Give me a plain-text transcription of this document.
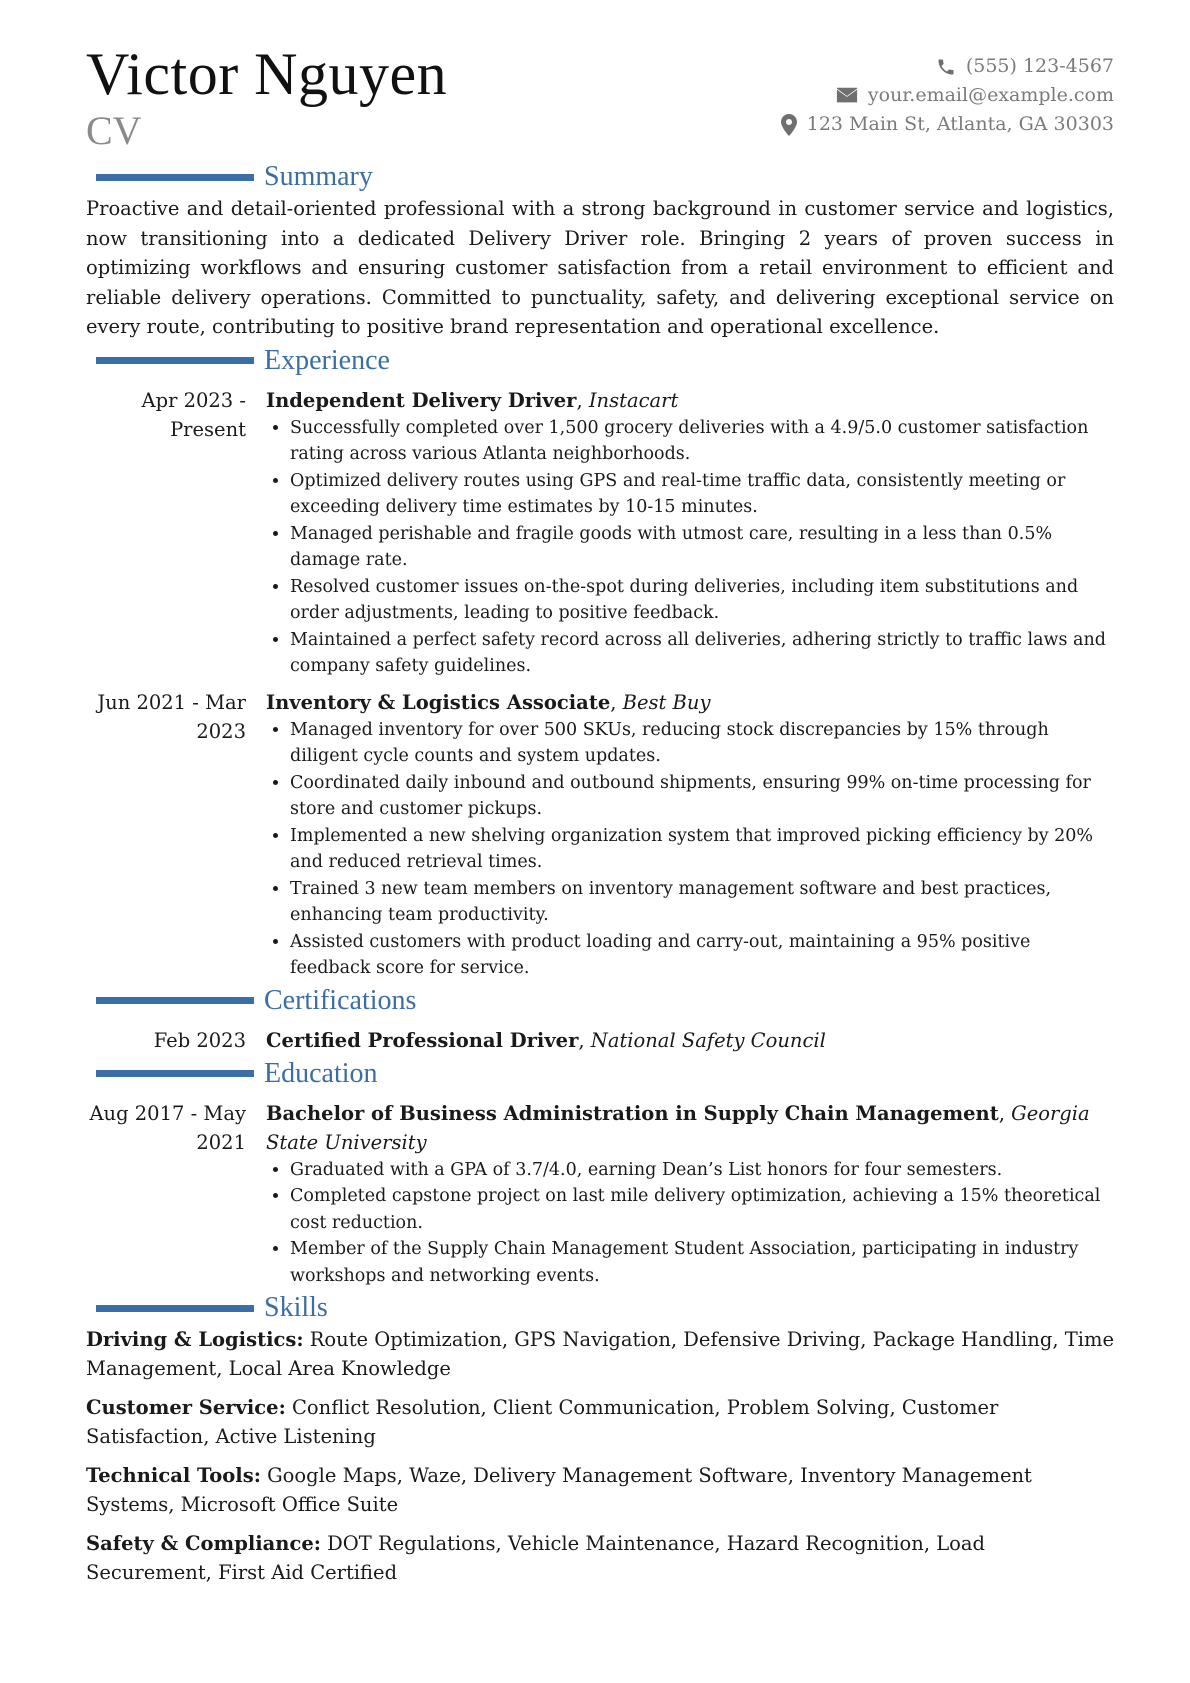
Victor Nguyen
CV
(555) 123-4567
your.email@example.com
123 Main St, Atlanta, GA 30303
Summary

Proactive and detail-oriented professional with a strong background in customer service and logistics, now transitioning into a dedicated Delivery Driver role. Bringing 2 years of proven success in optimizing workflows and ensuring customer satisfaction from a retail environment to efficient and reliable delivery operations. Committed to punctuality, safety, and delivering exceptional service on every route, contributing to positive brand representation and operational excellence.

Experience
Apr 2023 - Present
Independent Delivery Driver, Instacart
• Successfully completed over 1,500 grocery deliveries with a 4.9/5.0 customer satisfaction rating across various Atlanta neighborhoods.
• Optimized delivery routes using GPS and real-time traffic data, consistently meeting or exceeding delivery time estimates by 10-15 minutes.
• Managed perishable and fragile goods with utmost care, resulting in a less than 0.5% damage rate.
• Resolved customer issues on-the-spot during deliveries, including item substitutions and order adjustments, leading to positive feedback.
• Maintained a perfect safety record across all deliveries, adhering strictly to traffic laws and company safety guidelines.
Jun 2021 - Mar 2023
Inventory & Logistics Associate, Best Buy
• Managed inventory for over 500 SKUs, reducing stock discrepancies by 15% through diligent cycle counts and system updates.
• Coordinated daily inbound and outbound shipments, ensuring 99% on-time processing for store and customer pickups.
• Implemented a new shelving organization system that improved picking efficiency by 20% and reduced retrieval times.
• Trained 3 new team members on inventory management software and best practices, enhancing team productivity.
• Assisted customers with product loading and carry-out, maintaining a 95% positive feedback score for service.
Certifications
Feb 2023	Certified Professional Driver, National Safety Council
Education
Aug 2017 - May 2021
Bachelor of Business Administration in Supply Chain Management, Georgia State University
• Graduated with a GPA of 3.7/4.0, earning Dean’s List honors for four semesters.
• Completed capstone project on last mile delivery optimization, achieving a 15% theoretical cost reduction.
• Member of the Supply Chain Management Student Association, participating in industry workshops and networking events.
Skills

Driving & Logistics: Route Optimization, GPS Navigation, Defensive Driving, Package Handling, Time Management, Local Area Knowledge

Customer Service: Conflict Resolution, Client Communication, Problem Solving, Customer Satisfaction, Active Listening

Technical Tools: Google Maps, Waze, Delivery Management Software, Inventory Management Systems, Microsoft Office Suite

Safety & Compliance: DOT Regulations, Vehicle Maintenance, Hazard Recognition, Load Securement, First Aid Certified
